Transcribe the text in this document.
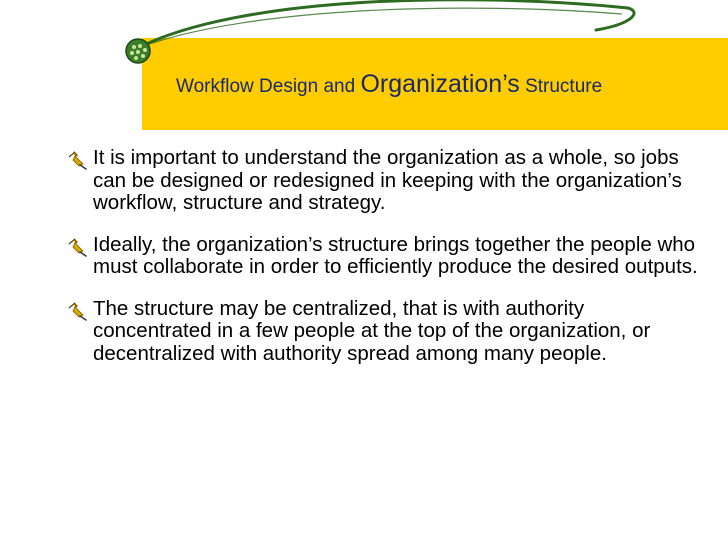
Workflow Design and Organization’s Structure
It is important to understand the organization as a whole, so jobs can be designed or redesigned in keeping with the organization’s workflow, structure and strategy.
Ideally, the organization’s structure brings together the people who must collaborate in order to efficiently produce the desired outputs.
The structure may be centralized, that is with authority concentrated in a few people at the top of the organization, or decentralized with authority spread among many people.
